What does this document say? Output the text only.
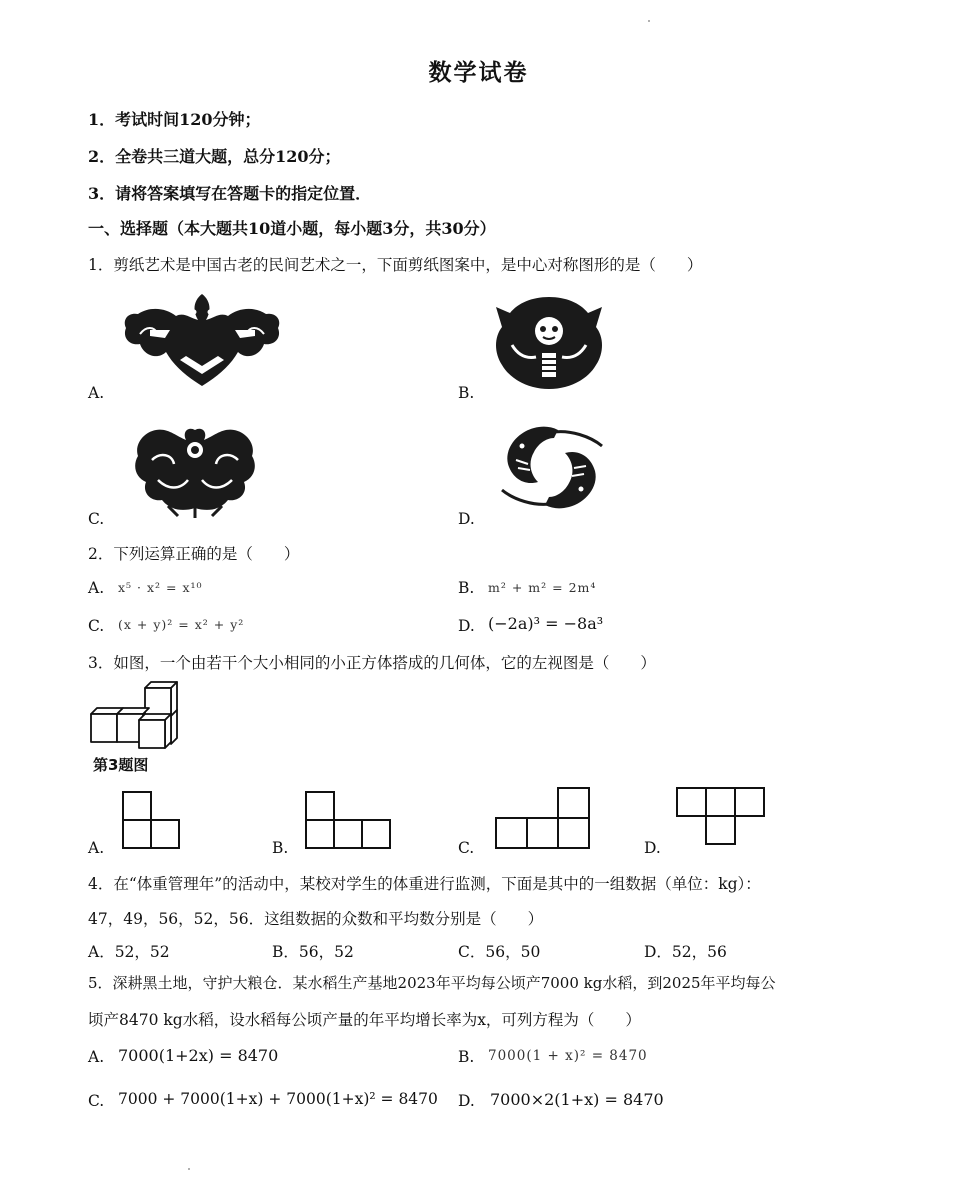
数学试卷
1．考试时间120分钟；
2．全卷共三道大题，总分120分；
3．请将答案填写在答题卡的指定位置．
一、选择题（本大题共10道小题，每小题3分，共30分）
1．剪纸艺术是中国古老的民间艺术之一，下面剪纸图案中，是中心对称图形的是（　　）
A.	B.
C.	D.
2．下列运算正确的是（　　）
A. x⁵ · x² = x¹⁰	B. m² + m² = 2m⁴
C. (x + y)² = x² + y²	D. (−2a)³ = −8a³
3．如图，一个由若干个大小相同的小正方体搭成的几何体，它的左视图是（　　）
第3题图
A.	B.	C.	D.
4．在“体重管理年”的活动中，某校对学生的体重进行监测，下面是其中的一组数据（单位：kg）：
47，49，56，52，56．这组数据的众数和平均数分别是（　　）
A．52，52	B．56，52	C．56，50	D．52，56
5．深耕黑土地，守护大粮仓．某水稻生产基地2023年平均每公顷产7000 kg水稻，到2025年平均每公
顷产8470 kg水稻，设水稻每公顷产量的年平均增长率为x，可列方程为（　　）
A. 7000(1+2x) = 8470	B. 7000(1 + x)² = 8470
C. 7000 + 7000(1+x) + 7000(1+x)² = 8470 D. 7000×2(1+x) = 8470
